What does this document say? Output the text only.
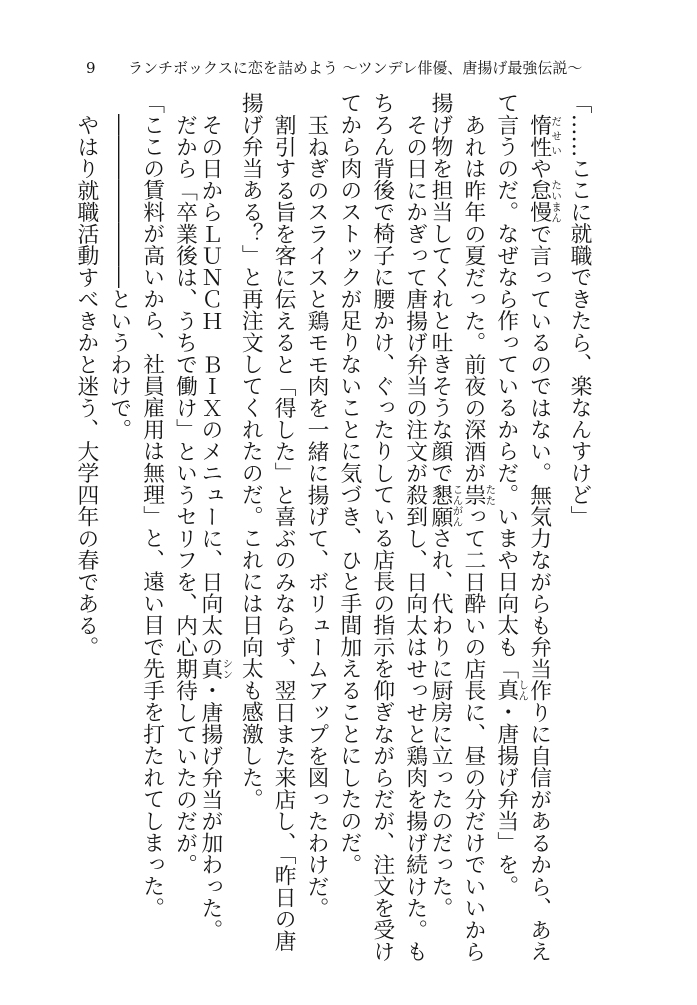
9 ランチボックスに恋を詰めよう ～ツンデレ俳優、唐揚げ最強伝説～
「……ここに就職できたら、楽なんすけど」
惰性だせいや怠慢たいまんで言っているのではない。無気力ながらも弁当作りに自信があるから、あえ
て言うのだ。なぜなら作っているからだ。いまや日向太も「真しん・唐揚げ弁当」を。
あれは昨年の夏だった。前夜の深酒が祟たたって二日酔いの店長に、昼の分だけでいいから
揚げ物を担当してくれと吐きそうな顔で懇願こんがんされ、代わりに厨房に立ったのだった。
その日にかぎって唐揚げ弁当の注文が殺到し、日向太はせっせと鶏肉を揚げ続けた。も
ちろん背後で椅子に腰かけ、ぐったりしている店長の指示を仰ぎながらだが、注文を受け
てから肉のストックが足りないことに気づき、ひと手間加えることにしたのだ。
玉ねぎのスライスと鶏モモ肉を一緒に揚げて、ボリュームアップを図ったわけだ。
割引する旨を客に伝えると「得した」と喜ぶのみならず、翌日また来店し、「昨日の唐
揚げ弁当ある？」と再注文してくれたのだ。これには日向太も感激した。
その日からＬＵＮＣＨ　ＢＩＸのメニューに、日向太の真シン・唐揚げ弁当が加わった。
だから「卒業後は、うちで働け」というセリフを、内心期待していたのだが。
「ここの賃料が高いから、社員雇用は無理」と、遠い目で先手を打たれてしまった。
――――――――というわけで。
やはり就職活動すべきかと迷う、大学四年の春である。
